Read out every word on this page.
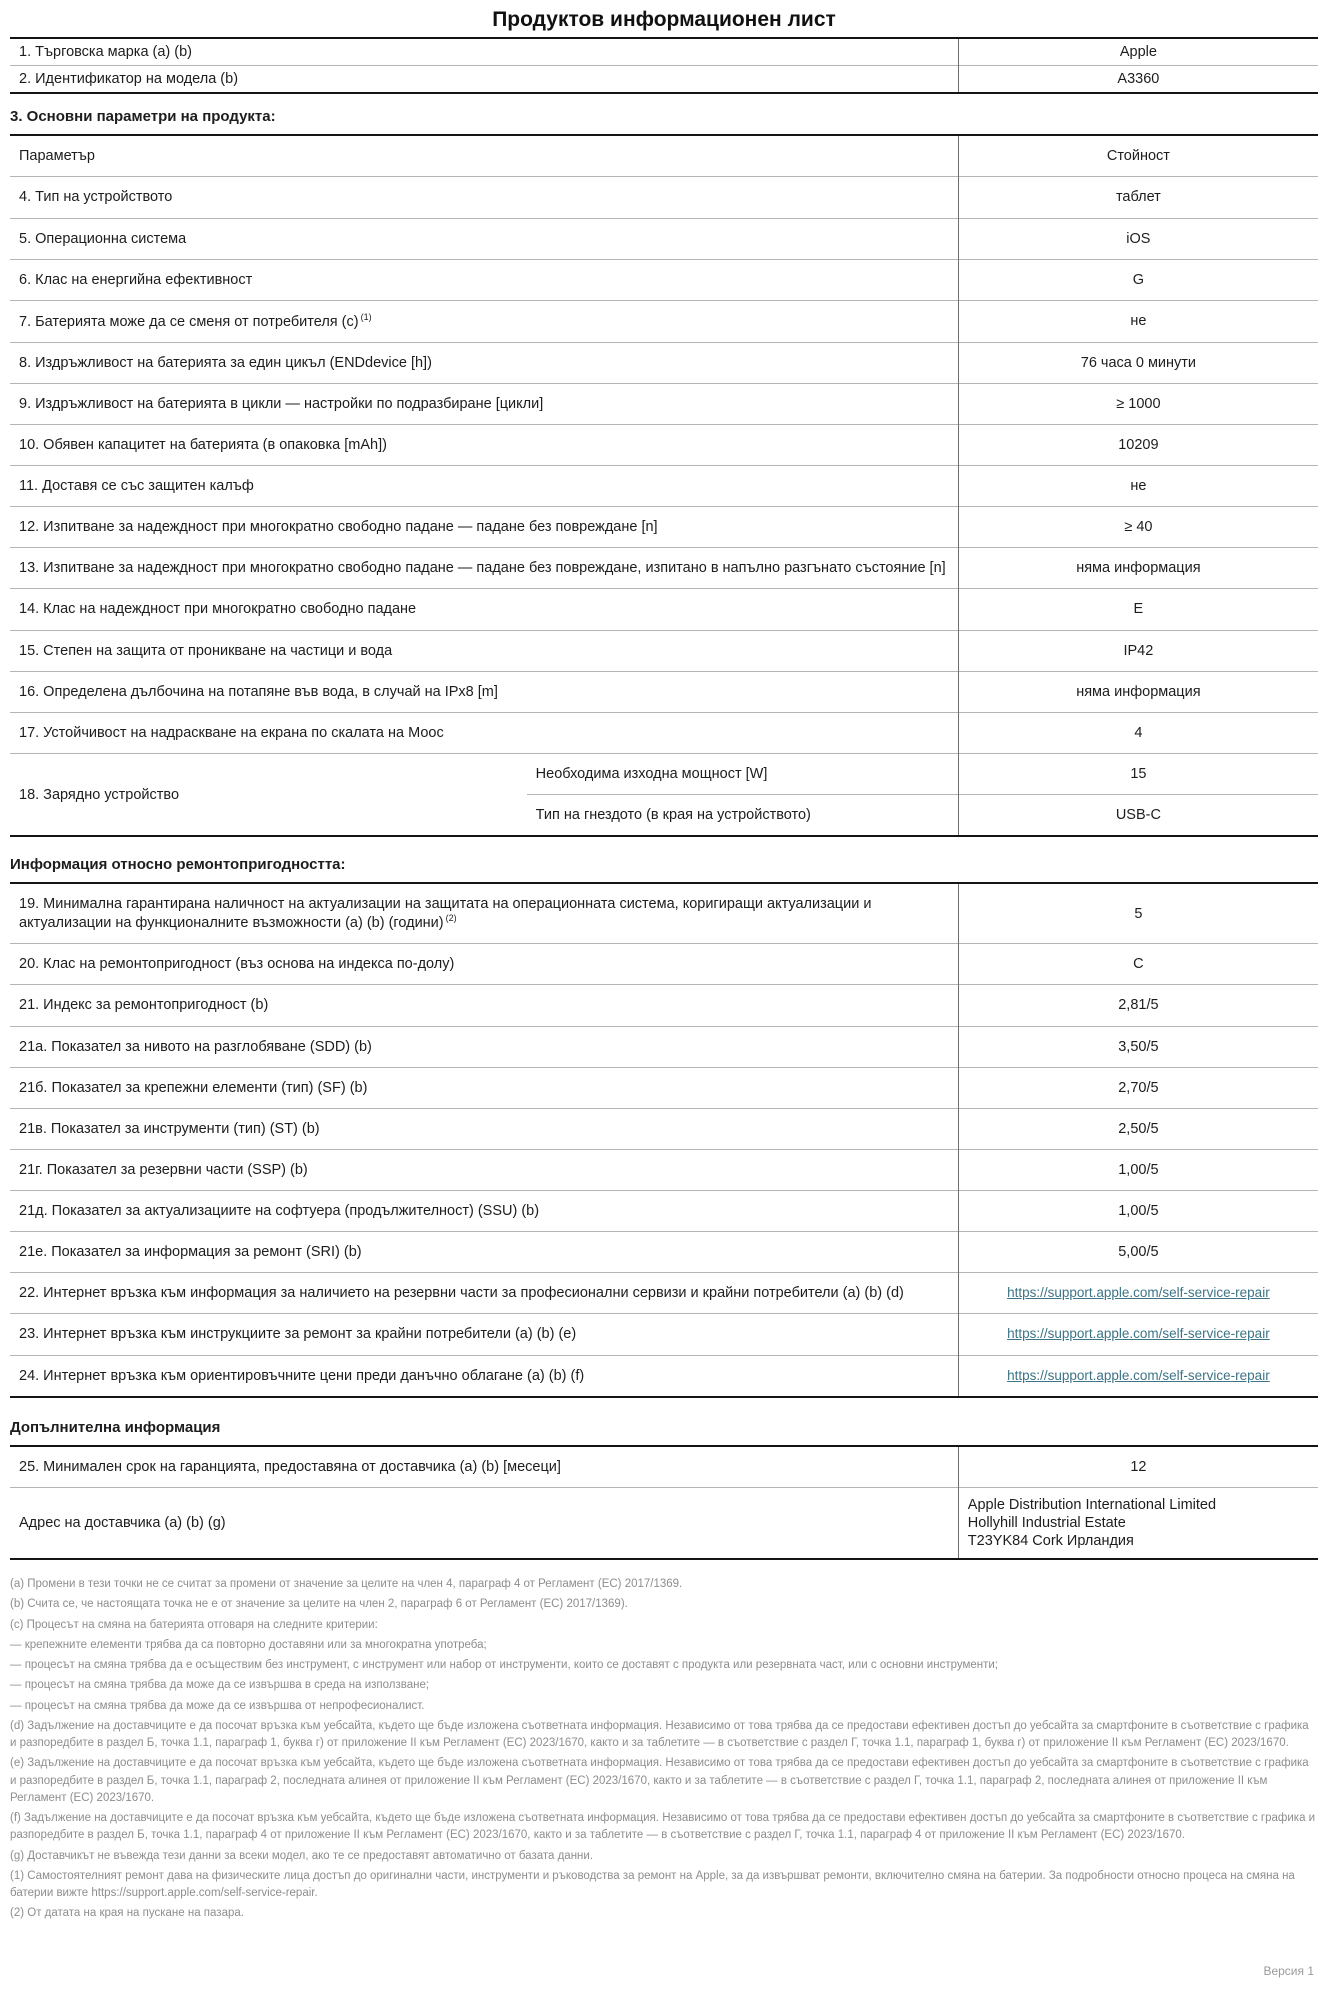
Продуктов информационен лист
1. Търговска марка (a) (b)	Apple
2. Идентификатор на модела (b)	A3360
3. Основни параметри на продукта:
Параметър		Стойност
4. Тип на устройството		таблет
5. Операционна система		iOS
6. Клас на енергийна ефективност		G
7. Батерията може да се сменя от потребителя (c) $^{(1)}$		не
8. Издръжливост на батерията за един цикъл (ENDdevice [h])		76 часа 0 минути
9. Издръжливост на батерията в цикли — настройки по подразбиране [цикли]		≥ 1000
10. Обявен капацитет на батерията (в опаковка [mAh])		10209
11. Доставя се със защитен калъф		не
12. Изпитване за надеждност при многократно свободно падане — падане без повреждане [n]		≥ 40
13. Изпитване за надеждност при многократно свободно падане — падане без повреждане, изпитано в напълно разгънато състояние [n]		няма информация
14. Клас на надеждност при многократно свободно падане		E
15. Степен на защита от проникване на частици и вода		IP42
16. Определена дълбочина на потапяне във вода, в случай на IPx8 [m]		няма информация
17. Устойчивост на надраскване на екрана по скалата на Моос		4
18. Зарядно устройство	Необходима изходна мощност [W]	15
	Тип на гнездото (в края на устройството)	USB-C
Информация относно ремонтопригодността:
19. Минимална гарантирана наличност на актуализации на защитата на операционната система, коригиращи актуализации и актуализации на функционалните възможности (a) (b) (години) $^{(2)}$	5
20. Клас на ремонтопригодност (въз основа на индекса по-долу)	C
21. Индекс за ремонтопригодност (b)	2,81/5
21а. Показател за нивото на разглобяване (SDD) (b)	3,50/5
21б. Показател за крепежни елементи (тип) (SF) (b)	2,70/5
21в. Показател за инструменти (тип) (ST) (b)	2,50/5
21г. Показател за резервни части (SSP) (b)	1,00/5
21д. Показател за актуализациите на софтуера (продължителност) (SSU) (b)	1,00/5
21е. Показател за информация за ремонт (SRI) (b)	5,00/5
22. Интернет връзка към информация за наличието на резервни части за професионални сервизи и крайни потребители (a) (b) (d)	https://support.apple.com/self-service-repair
23. Интернет връзка към инструкциите за ремонт за крайни потребители (a) (b) (e)	https://support.apple.com/self-service-repair
24. Интернет връзка към ориентировъчните цени преди данъчно облагане (a) (b) (f)	https://support.apple.com/self-service-repair
Допълнителна информация
25. Минимален срок на гаранцията, предоставяна от доставчика (a) (b) [месеци]	12
Адрес на доставчика (a) (b) (g)	Apple Distribution International Limited
Hollyhill Industrial Estate
T23YK84 Cork Ирландия

(a) Промени в тези точки не се считат за промени от значение за целите на член 4, параграф 4 от Регламент (ЕС) 2017/1369.

(b) Счита се, че настоящата точка не е от значение за целите на член 2, параграф 6 от Регламент (ЕС) 2017/1369).

(c) Процесът на смяна на батерията отговаря на следните критерии:

— крепежните елементи трябва да са повторно доставяни или за многократна употреба;

— процесът на смяна трябва да е осъществим без инструмент, с инструмент или набор от инструменти, които се доставят с продукта или резервната част, или с основни инструменти;

— процесът на смяна трябва да може да се извършва в среда на използване;

— процесът на смяна трябва да може да се извършва от непрофесионалист.

(d) Задължение на доставчиците е да посочат връзка към уебсайта, където ще бъде изложена съответната информация. Независимо от това трябва да се предостави ефективен достъп до уебсайта за смартфоните в съответствие с графика и разпоредбите в раздел Б, точка 1.1, параграф 1, буква г) от приложение II към Регламент (ЕС) 2023/1670, както и за таблетите — в съответствие с раздел Г, точка 1.1, параграф 1, буква г) от приложение II към Регламент (ЕС) 2023/1670.

(е) Задължение на доставчиците е да посочат връзка към уебсайта, където ще бъде изложена съответната информация. Независимо от това трябва да се предостави ефективен достъп до уебсайта за смартфоните в съответствие с графика и разпоредбите в раздел Б, точка 1.1, параграф 2, последната алинея от приложение II към Регламент (ЕС) 2023/1670, както и за таблетите — в съответствие с раздел Г, точка 1.1, параграф 2, последната алинея от приложение II към Регламент (ЕС) 2023/1670.

(f) Задължение на доставчиците е да посочат връзка към уебсайта, където ще бъде изложена съответната информация. Независимо от това трябва да се предостави ефективен достъп до уебсайта за смартфоните в съответствие с графика и разпоредбите в раздел Б, точка 1.1, параграф 4 от приложение II към Регламент (ЕС) 2023/1670, както и за таблетите — в съответствие с раздел Г, точка 1.1, параграф 4 от приложение II към Регламент (ЕС) 2023/1670.

(g) Доставчикът не въвежда тези данни за всеки модел, ако те се предоставят автоматично от базата данни.

(1) Самостоятелният ремонт дава на физическите лица достъп до оригинални части, инструменти и ръководства за ремонт на Apple, за да извършват ремонти, включително смяна на батерии. За подробности относно процеса на смяна на батерии вижте https://support.apple.com/self-service-repair.

(2) От датата на края на пускане на пазара.

Версия 1
